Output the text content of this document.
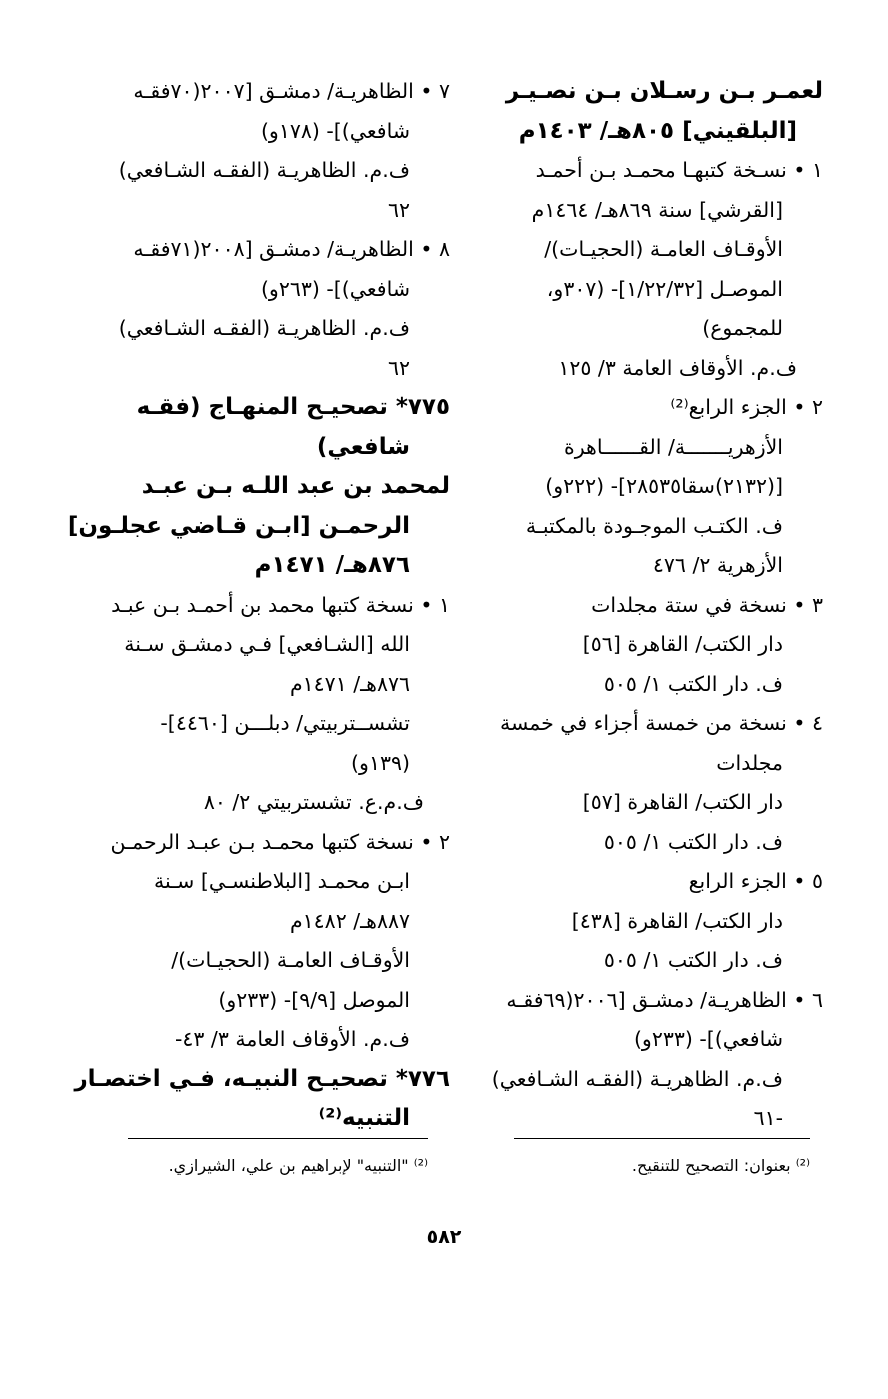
لعمـر بـن رسـلان بـن نصـيـر
[البلقيني] ٨٠٥هـ/ ١٤٠٣م
١ • نسـخة كتبهـا محمـد بـن أحمـد
[القرشي] سنة ٨٦٩هـ/ ١٤٦٤م
الأوقـاف العامـة (الحجيـات)/
الموصـل [١/٢٢/٣٢]- (٣٠٧و،
للمجموع)
ف.م. الأوقاف العامة ٣/ ١٢٥
٢ • الجزء الرابع⁽²⁾
الأزهريـــــــة/ القــــــاهرة
[(٢١٣٢)سقا٢٨٥٣٥]- (٢٢٢و)
ف. الكتـب الموجـودة بالمكتبـة
الأزهرية ٢/ ٤٧٦
٣ • نسخة في ستة مجلدات
دار الكتب/ القاهرة [٥٦]
ف. دار الكتب ١/ ٥٠٥
٤ • نسخة من خمسة أجزاء في خمسة
مجلدات
دار الكتب/ القاهرة [٥٧]
ف. دار الكتب ١/ ٥٠٥
٥ • الجزء الرابع
دار الكتب/ القاهرة [٤٣٨]
ف. دار الكتب ١/ ٥٠٥
٦ • الظاهريـة/ دمشـق [٢٠٠٦(٦٩فقـه
شافعي)]- (٢٣٣و)
ف.م. الظاهريـة (الفقـه الشـافعي)
-٦١
٧ • الظاهريـة/ دمشـق [٢٠٠٧(٧٠فقـه
شافعي)]- (١٧٨و)
ف.م. الظاهريـة (الفقـه الشـافعي)
٦٢
٨ • الظاهريـة/ دمشـق [٢٠٠٨(٧١فقـه
شافعي)]- (٢٦٣و)
ف.م. الظاهريـة (الفقـه الشـافعي)
٦٢
٧٧٥* تصحيـح المنهـاج (فقـه
شافعي)
لمحمد بن عبد اللـه بـن عبـد
الرحمـن [ابـن قـاضي عجلـون]
٨٧٦هـ/ ١٤٧١م
١ • نسخة كتبها محمد بن أحمـد بـن عبـد
الله [الشـافعي] فـي دمشـق سـنة
٨٧٦هـ/ ١٤٧١م
تشســتربيتي/ دبلـــن [٤٤٦٠]-
(١٣٩و)
ف.م.ع. تشستربيتي ٢/ ٨٠
٢ • نسخة كتبها محمـد بـن عبـد الرحمـن
ابـن محمـد [البلاطنسـي] سـنة
٨٨٧هـ/ ١٤٨٢م
الأوقـاف العامـة (الحجيـات)/
الموصل [٩/٩]- (٢٣٣و)
ف.م. الأوقاف العامة ٣/ ٤٣-
٧٧٦* تصحيـح النبيـه، فـي اختصـار
التنبيه⁽²⁾
⁽²⁾ بعنوان: التصحيح للتنقيح.
⁽²⁾ "التنبيه" لإبراهيم بن علي، الشيرازي.
٥٨٢
